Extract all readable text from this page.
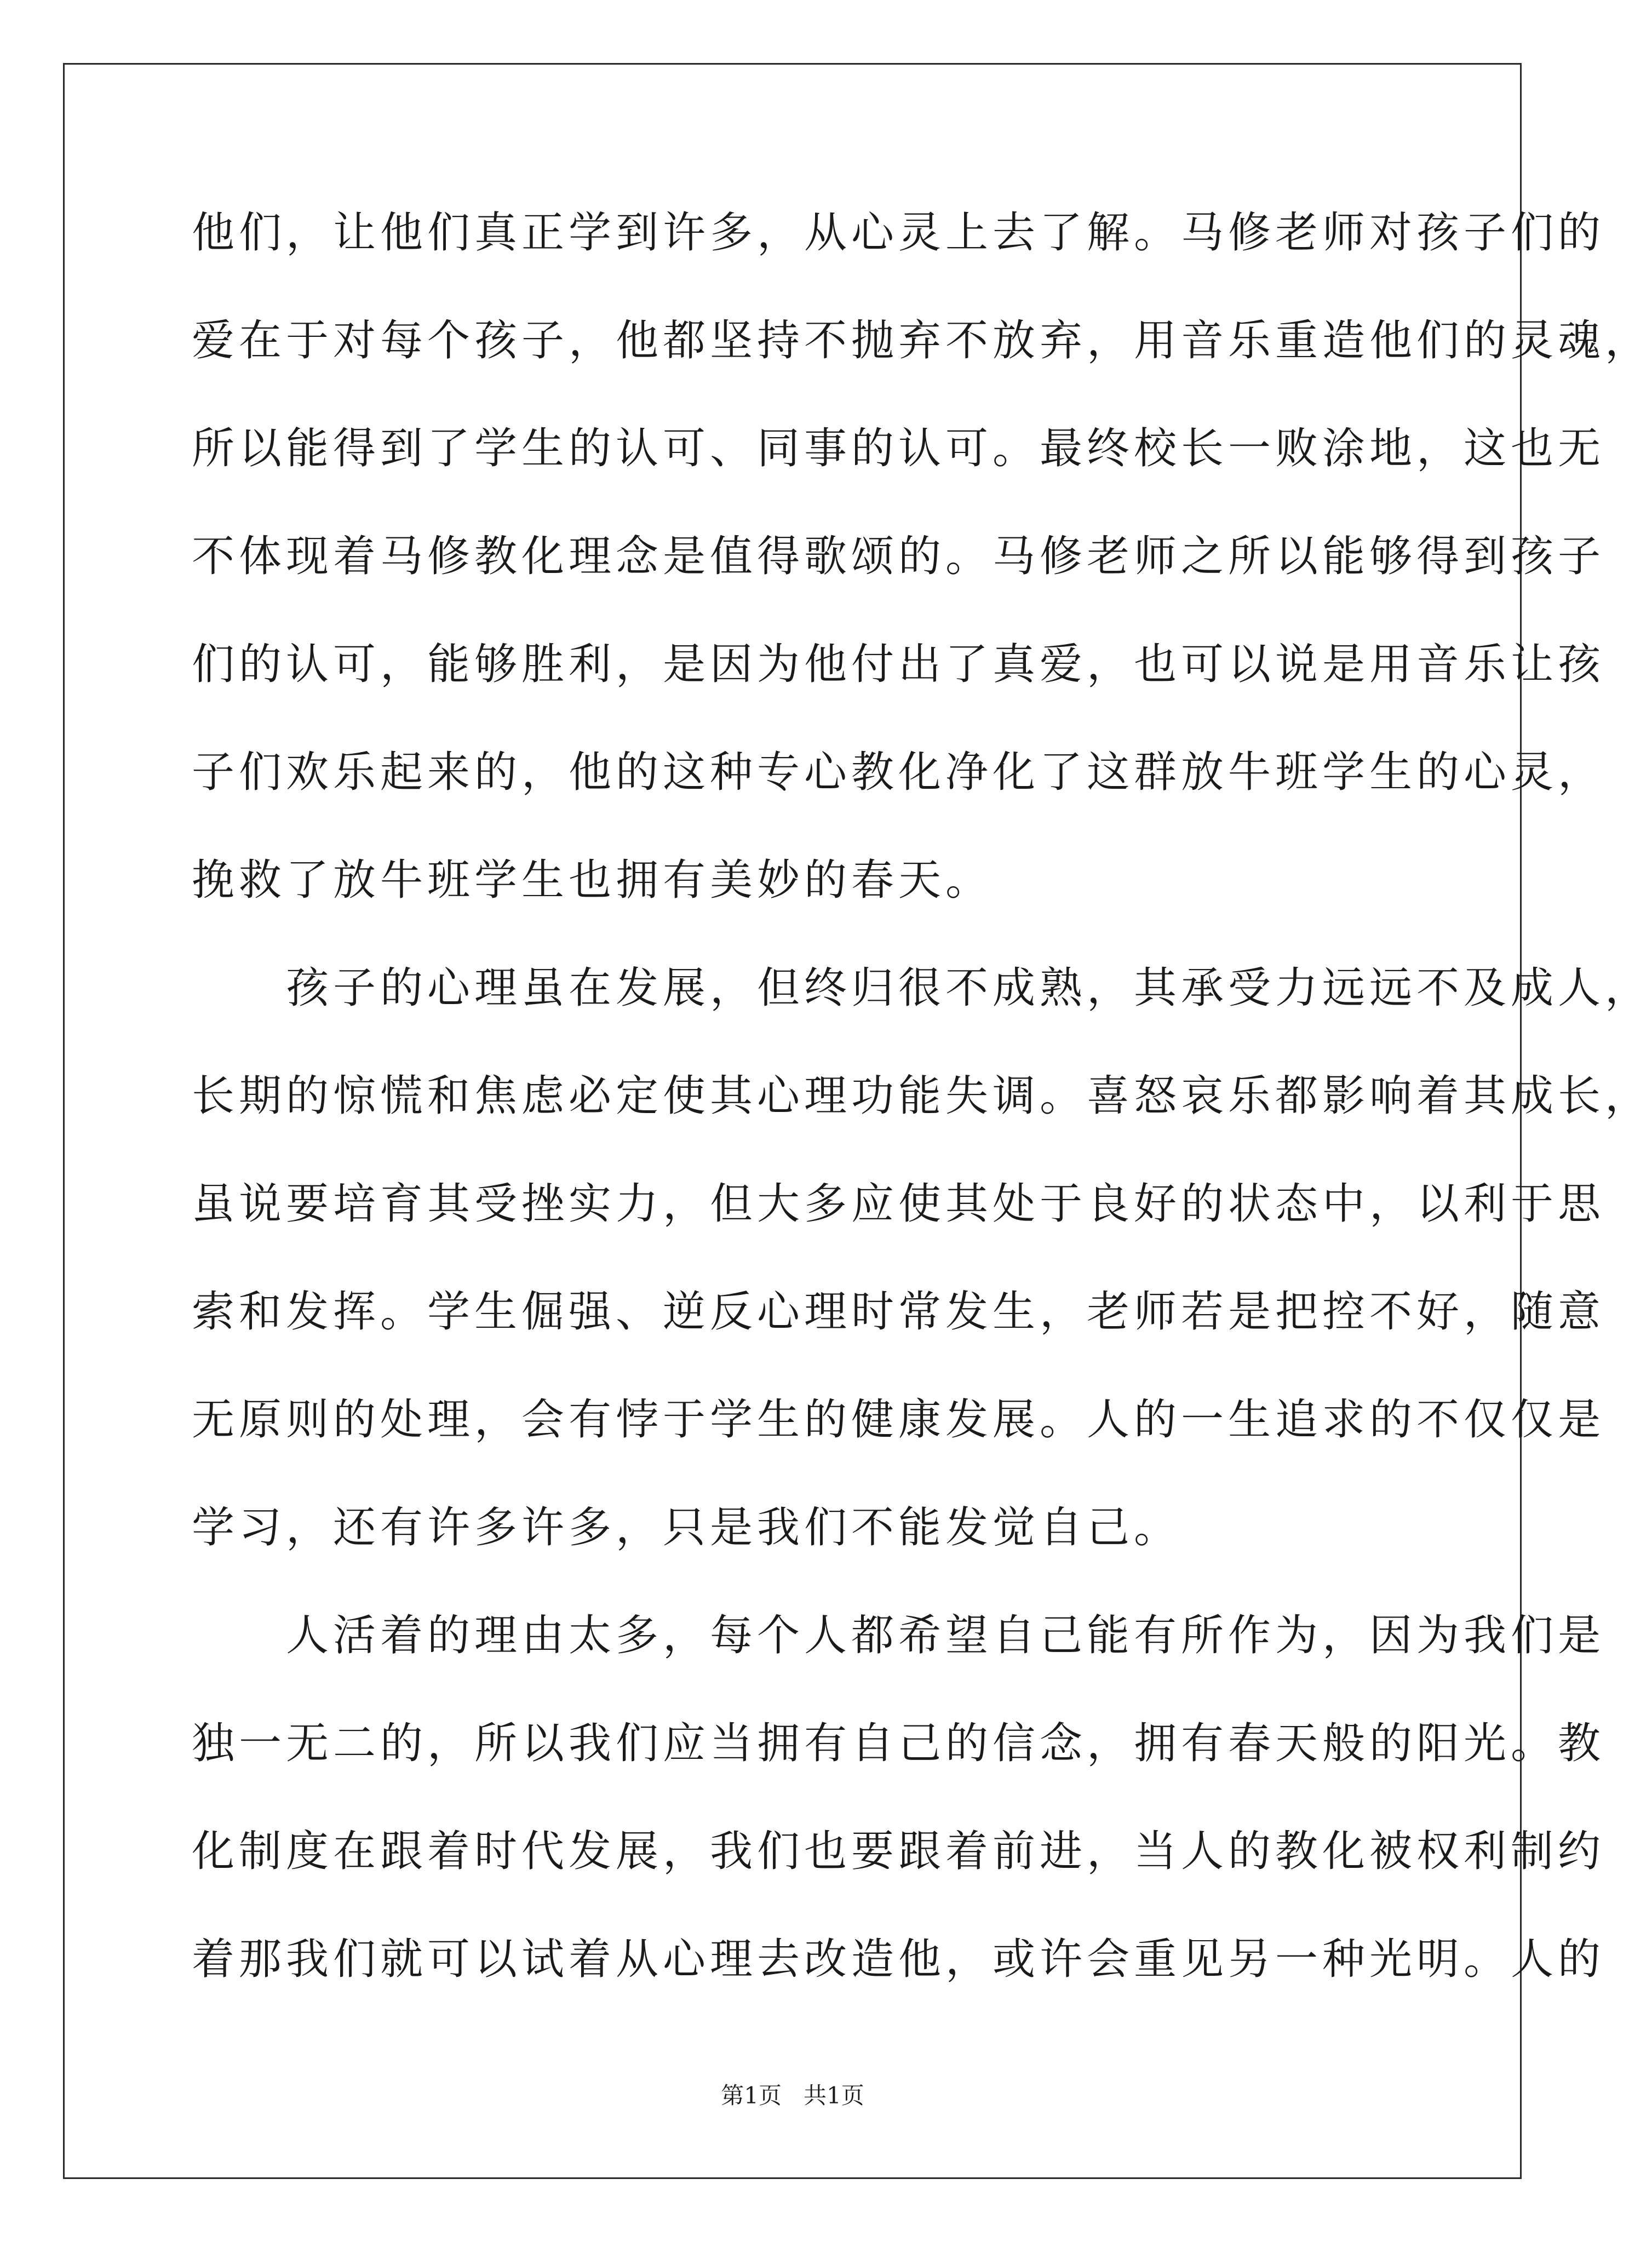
他们，让他们真正学到许多，从心灵上去了解。马修老师对孩子们的
爱在于对每个孩子，他都坚持不抛弃不放弃，用音乐重造他们的灵魂，
所以能得到了学生的认可、同事的认可。最终校长一败涂地，这也无
不体现着马修教化理念是值得歌颂的。马修老师之所以能够得到孩子
们的认可，能够胜利，是因为他付出了真爱，也可以说是用音乐让孩
子们欢乐起来的，他的这种专心教化净化了这群放牛班学生的心灵，
挽救了放牛班学生也拥有美妙的春天。
　　孩子的心理虽在发展，但终归很不成熟，其承受力远远不及成人，
长期的惊慌和焦虑必定使其心理功能失调。喜怒哀乐都影响着其成长，
虽说要培育其受挫实力，但大多应使其处于良好的状态中，以利于思
索和发挥。学生倔强、逆反心理时常发生，老师若是把控不好，随意
无原则的处理，会有悖于学生的健康发展。人的一生追求的不仅仅是
学习，还有许多许多，只是我们不能发觉自己。
　　人活着的理由太多，每个人都希望自己能有所作为，因为我们是
独一无二的，所以我们应当拥有自己的信念，拥有春天般的阳光。教
化制度在跟着时代发展，我们也要跟着前进，当人的教化被权利制约
着那我们就可以试着从心理去改造他，或许会重见另一种光明。人的
第1页   共1页
